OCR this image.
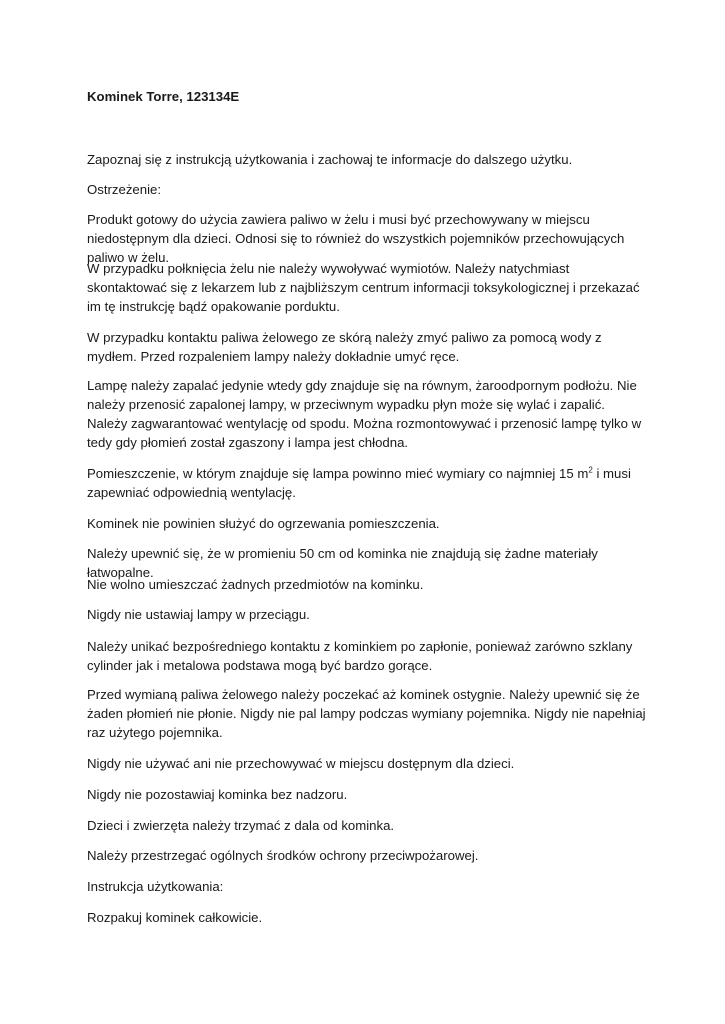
Kominek Torre, 123134E

Zapoznaj się z instrukcją użytkowania i zachowaj te informacje do dalszego użytku.

Ostrzeżenie:

Produkt gotowy do użycia zawiera paliwo w żelu i musi być przechowywany w miejscu niedostępnym dla dzieci. Odnosi się to również do wszystkich pojemników przechowujących paliwo w żelu.

W przypadku połknięcia żelu nie należy wywoływać wymiotów. Należy natychmiast skontaktować się z lekarzem lub z najbliższym centrum informacji toksykologicznej i przekazać im tę instrukcję bądź opakowanie porduktu.

W przypadku kontaktu paliwa żelowego ze skórą należy zmyć paliwo za pomocą wody z mydłem. Przed rozpaleniem lampy należy dokładnie umyć ręce.

Lampę należy zapalać jedynie wtedy gdy znajduje się na równym, żaroodpornym podłożu. Nie należy przenosić zapalonej lampy, w przeciwnym wypadku płyn może się wylać i zapalić. Należy zagwarantować wentylację od spodu. Można rozmontowywać i przenosić lampę tylko w tedy gdy płomień został zgaszony i lampa jest chłodna.

Pomieszczenie, w którym znajduje się lampa powinno mieć wymiary co najmniej 15 $m^2$ i musi zapewniać odpowiednią wentylację.

Kominek nie powinien służyć do ogrzewania pomieszczenia.

Należy upewnić się, że w promieniu 50 cm od kominka nie znajdują się żadne materiały łatwopalne.

Nie wolno umieszczać żadnych przedmiotów na kominku.

Nigdy nie ustawiaj lampy w przeciągu.

Należy unikać bezpośredniego kontaktu z kominkiem po zapłonie, ponieważ zarówno szklany cylinder jak i metalowa podstawa mogą być bardzo gorące.

Przed wymianą paliwa żelowego należy poczekać aż kominek ostygnie. Należy upewnić się że żaden płomień nie płonie. Nigdy nie pal lampy podczas wymiany pojemnika. Nigdy nie napełniaj raz użytego pojemnika.

Nigdy nie używać ani nie przechowywać w miejscu dostępnym dla dzieci.

Nigdy nie pozostawiaj kominka bez nadzoru.

Dzieci i zwierzęta należy trzymać z dala od kominka.

Należy przestrzegać ogólnych środków ochrony przeciwpożarowej.

Instrukcja użytkowania:

Rozpakuj kominek całkowicie.
